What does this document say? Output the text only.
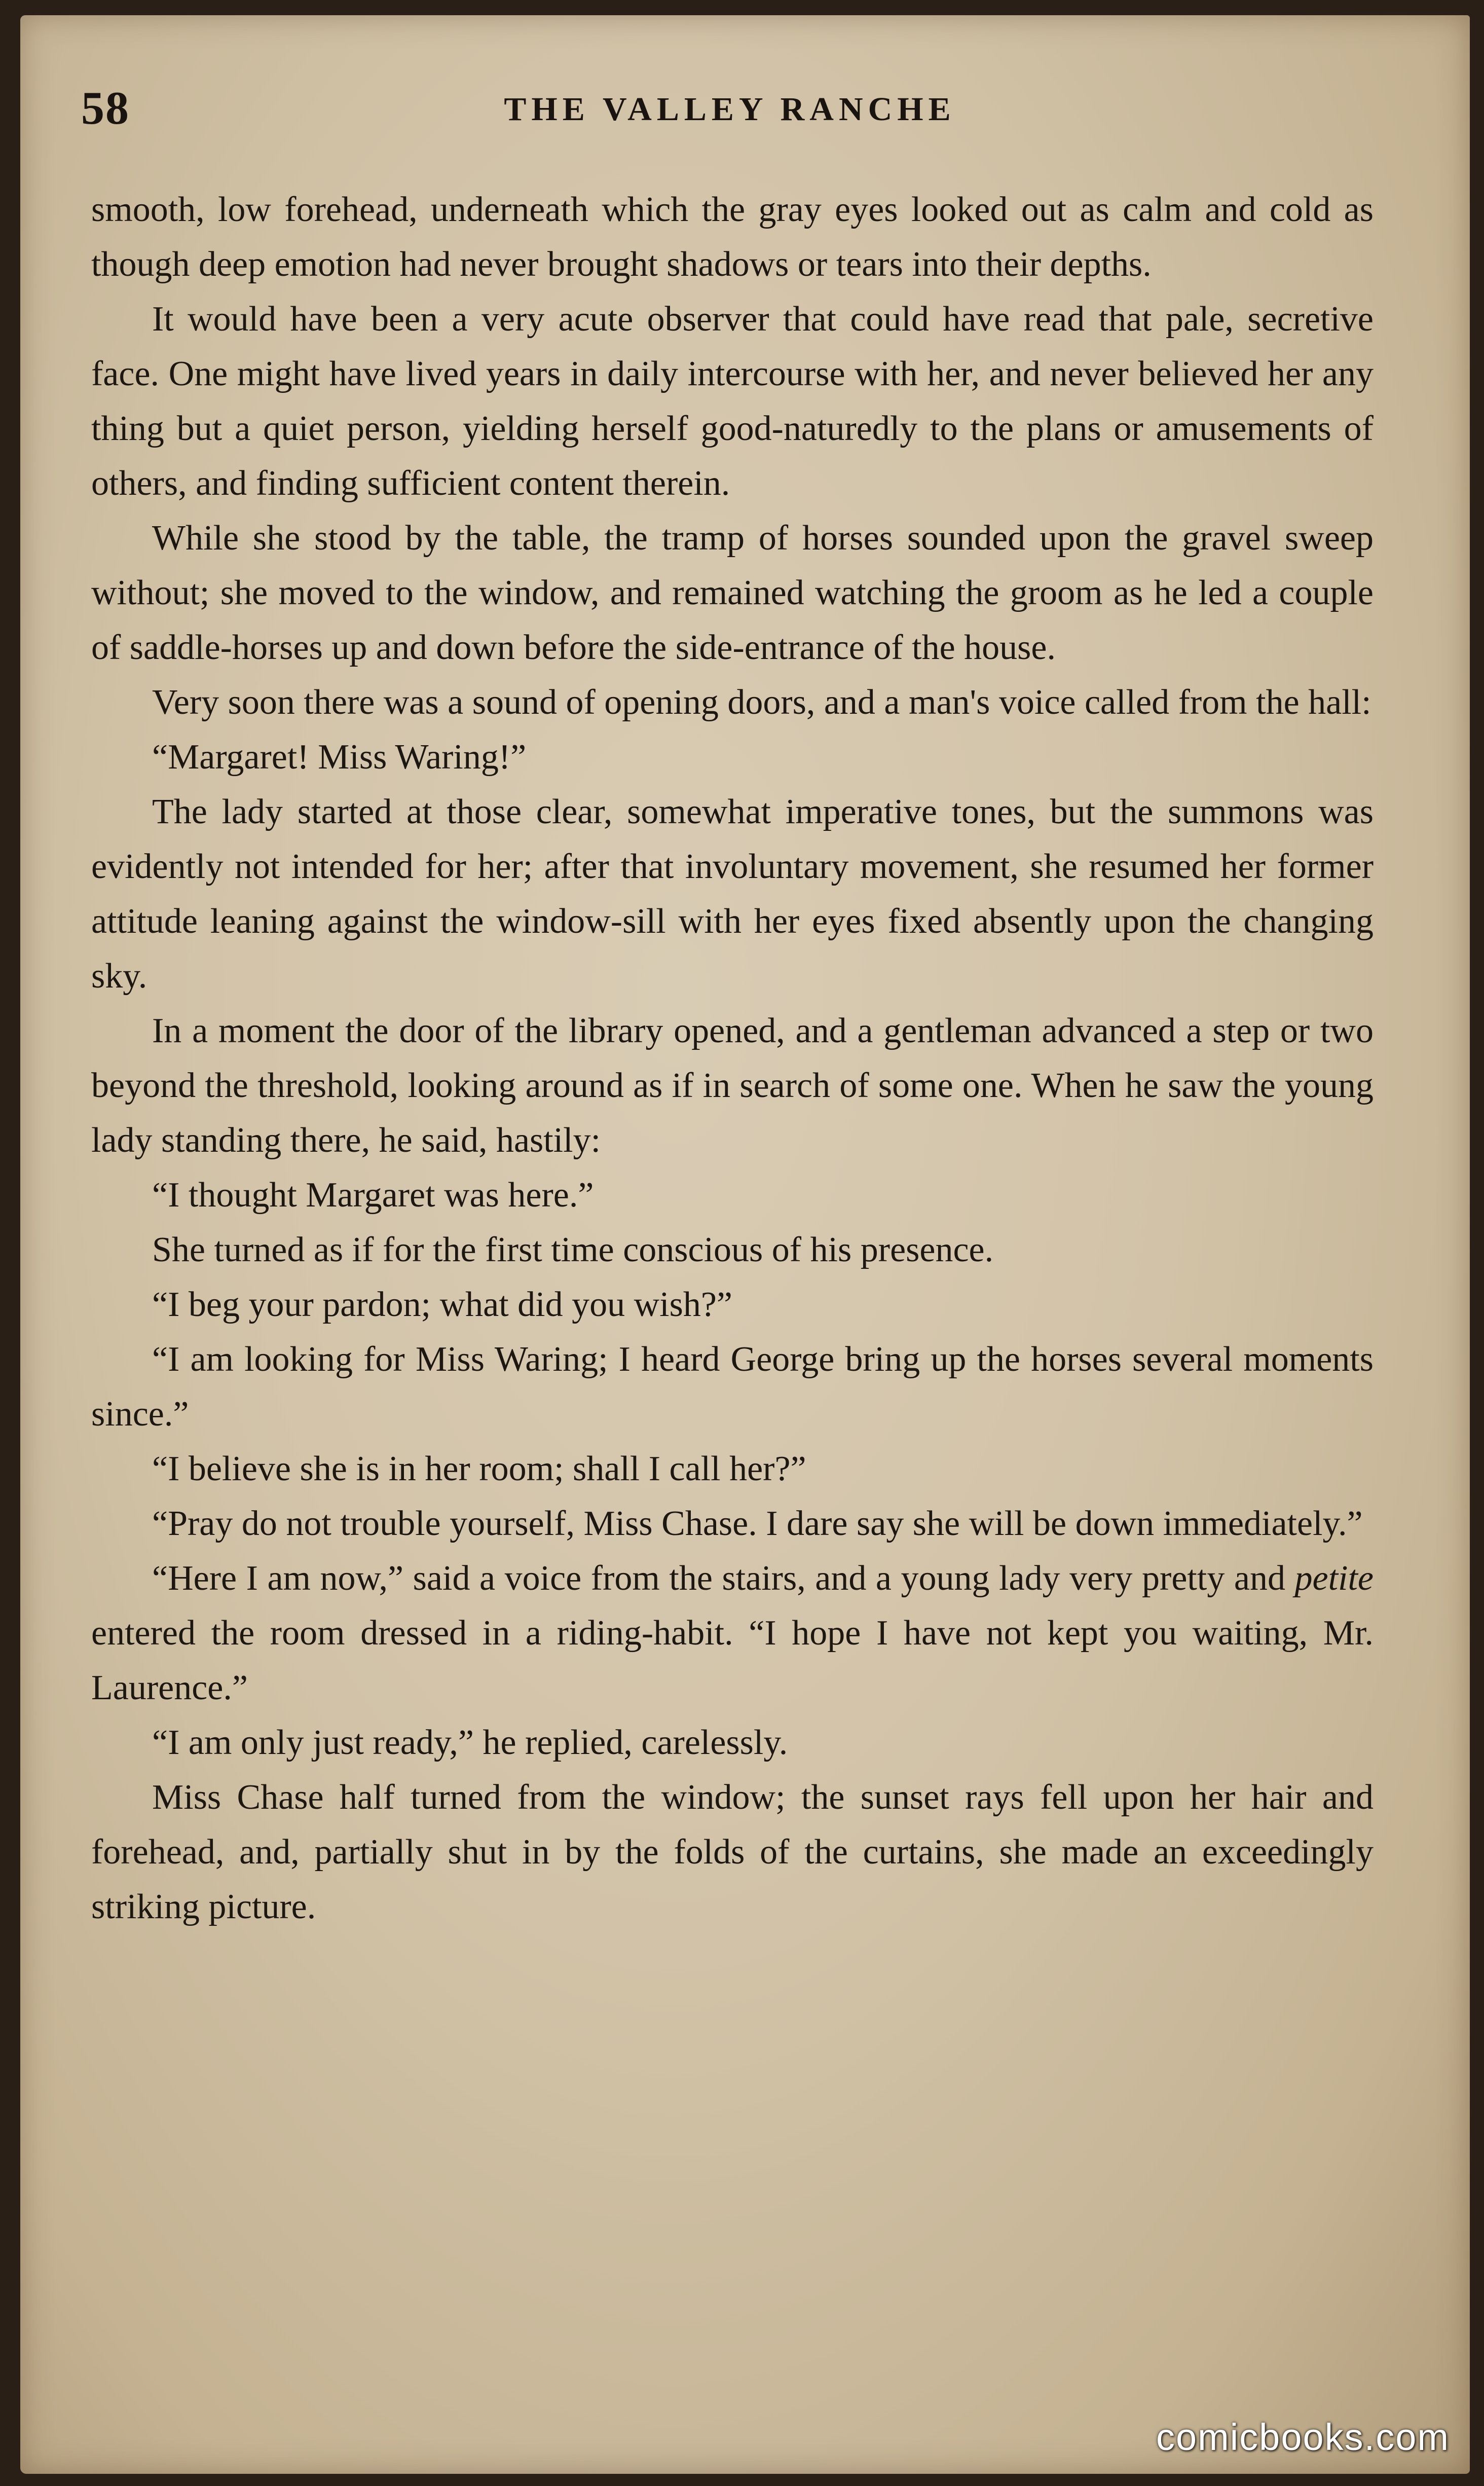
58	THE VALLEY RANCHE

smooth, low forehead, underneath which the gray eyes looked out as calm and cold as though deep emotion had never brought shadows or tears into their depths.

It would have been a very acute observer that could have read that pale, secretive face. One might have lived years in daily intercourse with her, and never believed her any thing but a quiet person, yielding herself good-naturedly to the plans or amusements of others, and finding sufficient content therein.

While she stood by the table, the tramp of horses sounded upon the gravel sweep without; she moved to the window, and remained watching the groom as he led a couple of saddle-horses up and down before the side-entrance of the house.

Very soon there was a sound of opening doors, and a man's voice called from the hall:

“Margaret! Miss Waring!”

The lady started at those clear, somewhat imperative tones, but the summons was evidently not intended for her; after that involuntary movement, she resumed her former attitude leaning against the window-sill with her eyes fixed absently upon the changing sky.

In a moment the door of the library opened, and a gentleman advanced a step or two beyond the threshold, looking around as if in search of some one. When he saw the young lady standing there, he said, hastily:

“I thought Margaret was here.”

She turned as if for the first time conscious of his presence.

“I beg your pardon; what did you wish?”

“I am looking for Miss Waring; I heard George bring up the horses several moments since.”

“I believe she is in her room; shall I call her?”

“Pray do not trouble yourself, Miss Chase. I dare say she will be down immediately.”

“Here I am now,” said a voice from the stairs, and a young lady very pretty and petite entered the room dressed in a riding-habit. “I hope I have not kept you waiting, Mr. Laurence.”

“I am only just ready,” he replied, carelessly.

Miss Chase half turned from the window; the sunset rays fell upon her hair and forehead, and, partially shut in by the folds of the curtains, she made an exceedingly striking picture.

comicbooks.com
